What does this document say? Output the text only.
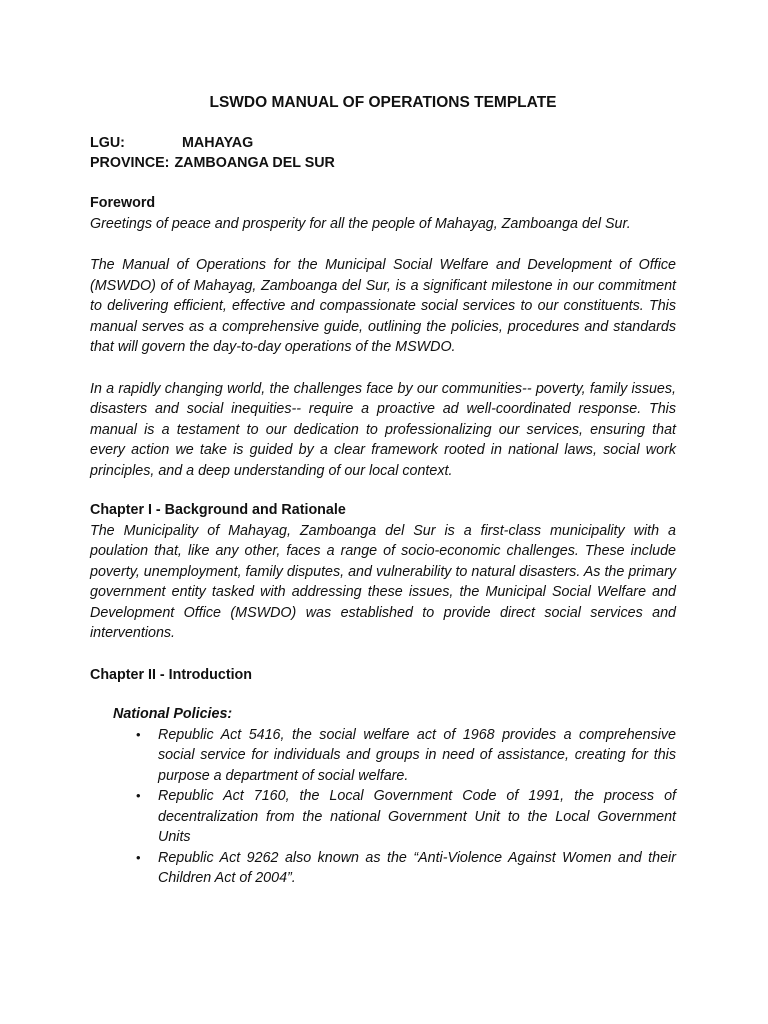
LSWDO MANUAL OF OPERATIONS TEMPLATE
LGU:	MAHAYAG
PROVINCE: ZAMBOANGA DEL SUR

Foreword

Greetings of peace and prosperity for all the people of Mahayag, Zamboanga del Sur.

The Manual of Operations for the Municipal Social Welfare and Development of Office (MSWDO) of of Mahayag, Zamboanga del Sur, is a significant milestone in our commitment to delivering efficient, effective and compassionate social services to our constituents. This manual serves as a comprehensive guide, outlining the policies, procedures and standards that will govern the day-to-day operations of the MSWDO.

In a rapidly changing world, the challenges face by our communities-- poverty, family issues, disasters and social inequities-- require a proactive ad well-coordinated response. This manual is a testament to our dedication to professionalizing our services, ensuring that every action we take is guided by a clear framework rooted in national laws, social work principles, and a deep understanding of our local context.

Chapter I - Background and Rationale

The Municipality of Mahayag, Zamboanga del Sur is a first-class municipality with a poulation that, like any other, faces a range of socio-economic challenges. These include poverty, unemployment, family disputes, and vulnerability to natural disasters. As the primary government entity tasked with addressing these issues, the Municipal Social Welfare and Development Office (MSWDO) was established to provide direct social services and interventions.

Chapter II - Introduction

National Policies:

• Republic Act 5416, the social welfare act of 1968 provides a comprehensive social service for individuals and groups in need of assistance, creating for this purpose a department of social welfare.
• Republic Act 7160, the Local Government Code of 1991, the process of decentralization from the national Government Unit to the Local Government Units
• Republic Act 9262 also known as the “Anti-Violence Against Women and their Children Act of 2004”.
